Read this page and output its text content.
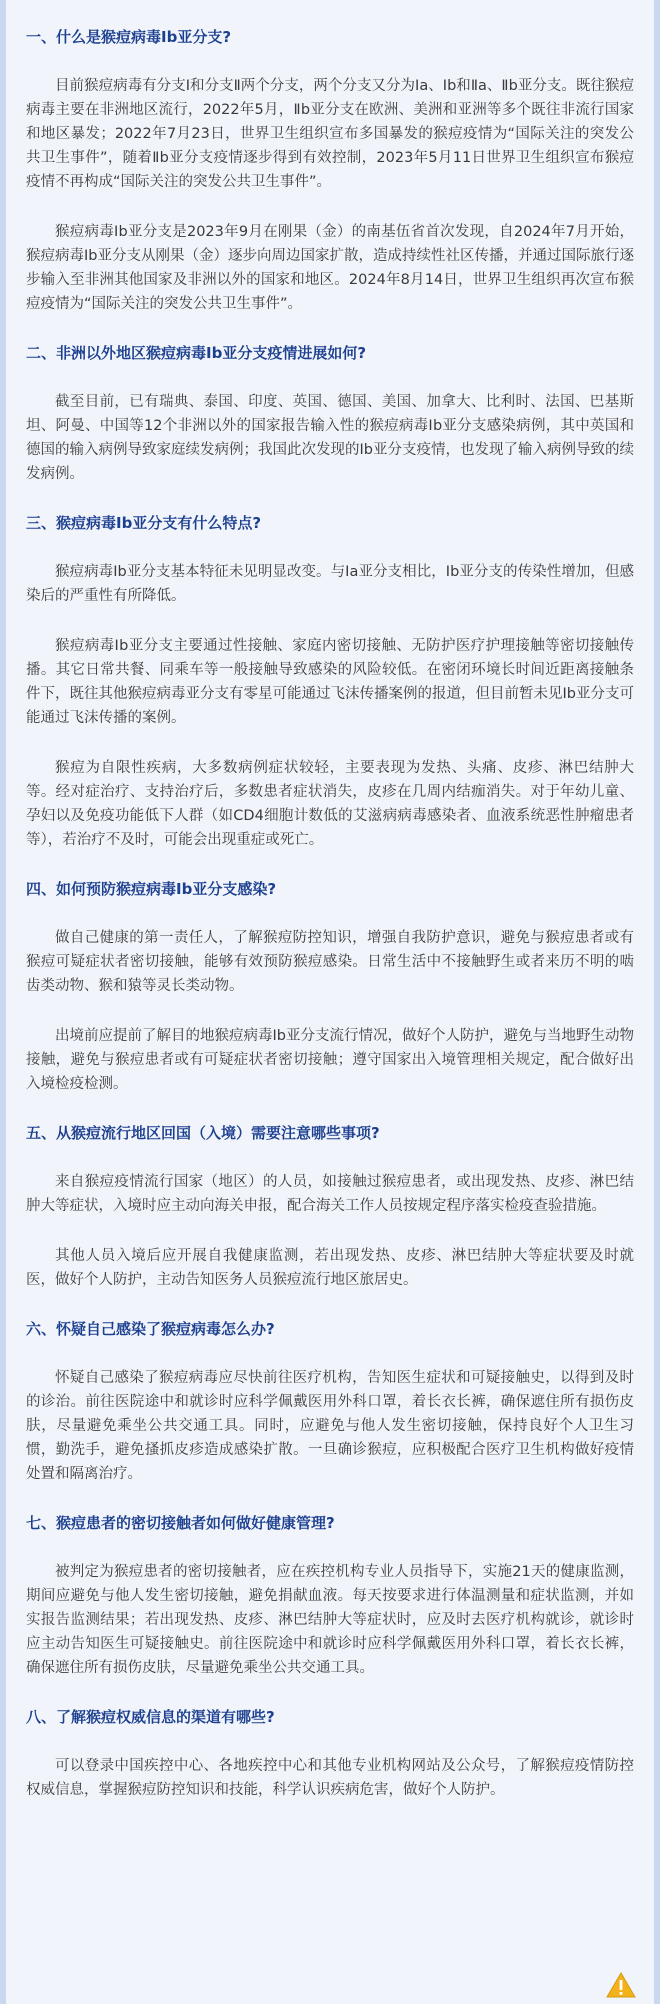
一、什么是猴痘病毒Ⅰb亚分支?

目前猴痘病毒有分支Ⅰ和分支Ⅱ两个分支，两个分支又分为Ⅰa、Ⅰb和Ⅱa、Ⅱb亚分支。既往猴痘病毒主要在非洲地区流行，2022年5月，Ⅱb亚分支在欧洲、美洲和亚洲等多个既往非流行国家和地区暴发；2022年7月23日，世界卫生组织宣布多国暴发的猴痘疫情为“国际关注的突发公共卫生事件”，随着Ⅱb亚分支疫情逐步得到有效控制，2023年5月11日世界卫生组织宣布猴痘疫情不再构成“国际关注的突发公共卫生事件”。

猴痘病毒Ⅰb亚分支是2023年9月在刚果（金）的南基伍省首次发现，自2024年7月开始，猴痘病毒Ⅰb亚分支从刚果（金）逐步向周边国家扩散，造成持续性社区传播，并通过国际旅行逐步输入至非洲其他国家及非洲以外的国家和地区。2024年8月14日，世界卫生组织再次宣布猴痘疫情为“国际关注的突发公共卫生事件”。

二、非洲以外地区猴痘病毒Ⅰb亚分支疫情进展如何?

截至目前，已有瑞典、泰国、印度、英国、德国、美国、加拿大、比利时、法国、巴基斯坦、阿曼、中国等12个非洲以外的国家报告输入性的猴痘病毒Ⅰb亚分支感染病例，其中英国和德国的输入病例导致家庭续发病例；我国此次发现的Ⅰb亚分支疫情，也发现了输入病例导致的续发病例。

三、猴痘病毒Ⅰb亚分支有什么特点?

猴痘病毒Ⅰb亚分支基本特征未见明显改变。与Ⅰa亚分支相比，Ⅰb亚分支的传染性增加，但感染后的严重性有所降低。

猴痘病毒Ⅰb亚分支主要通过性接触、家庭内密切接触、无防护医疗护理接触等密切接触传播。其它日常共餐、同乘车等一般接触导致感染的风险较低。在密闭环境长时间近距离接触条件下，既往其他猴痘病毒亚分支有零星可能通过飞沫传播案例的报道，但目前暂未见Ⅰb亚分支可能通过飞沫传播的案例。

猴痘为自限性疾病，大多数病例症状较轻，主要表现为发热、头痛、皮疹、淋巴结肿大等。经对症治疗、支持治疗后，多数患者症状消失，皮疹在几周内结痂消失。对于年幼儿童、孕妇以及免疫功能低下人群（如CD4细胞计数低的艾滋病病毒感染者、血液系统恶性肿瘤患者等），若治疗不及时，可能会出现重症或死亡。

四、如何预防猴痘病毒Ⅰb亚分支感染?

做自己健康的第一责任人，了解猴痘防控知识，增强自我防护意识，避免与猴痘患者或有猴痘可疑症状者密切接触，能够有效预防猴痘感染。日常生活中不接触野生或者来历不明的啮齿类动物、猴和猿等灵长类动物。

出境前应提前了解目的地猴痘病毒Ⅰb亚分支流行情况，做好个人防护，避免与当地野生动物接触，避免与猴痘患者或有可疑症状者密切接触；遵守国家出入境管理相关规定，配合做好出入境检疫检测。

五、从猴痘流行地区回国（入境）需要注意哪些事项?

来自猴痘疫情流行国家（地区）的人员，如接触过猴痘患者，或出现发热、皮疹、淋巴结肿大等症状，入境时应主动向海关申报，配合海关工作人员按规定程序落实检疫查验措施。

其他人员入境后应开展自我健康监测，若出现发热、皮疹、淋巴结肿大等症状要及时就医，做好个人防护，主动告知医务人员猴痘流行地区旅居史。

六、怀疑自己感染了猴痘病毒怎么办?

怀疑自己感染了猴痘病毒应尽快前往医疗机构，告知医生症状和可疑接触史，以得到及时的诊治。前往医院途中和就诊时应科学佩戴医用外科口罩，着长衣长裤，确保遮住所有损伤皮肤，尽量避免乘坐公共交通工具。同时，应避免与他人发生密切接触，保持良好个人卫生习惯，勤洗手，避免搔抓皮疹造成感染扩散。一旦确诊猴痘，应积极配合医疗卫生机构做好疫情处置和隔离治疗。

七、猴痘患者的密切接触者如何做好健康管理?

被判定为猴痘患者的密切接触者，应在疾控机构专业人员指导下，实施21天的健康监测，期间应避免与他人发生密切接触，避免捐献血液。每天按要求进行体温测量和症状监测，并如实报告监测结果；若出现发热、皮疹、淋巴结肿大等症状时，应及时去医疗机构就诊，就诊时应主动告知医生可疑接触史。前往医院途中和就诊时应科学佩戴医用外科口罩，着长衣长裤，确保遮住所有损伤皮肤，尽量避免乘坐公共交通工具。

八、了解猴痘权威信息的渠道有哪些?

可以登录中国疾控中心、各地疾控中心和其他专业机构网站及公众号，了解猴痘疫情防控权威信息，掌握猴痘防控知识和技能，科学认识疾病危害，做好个人防护。
